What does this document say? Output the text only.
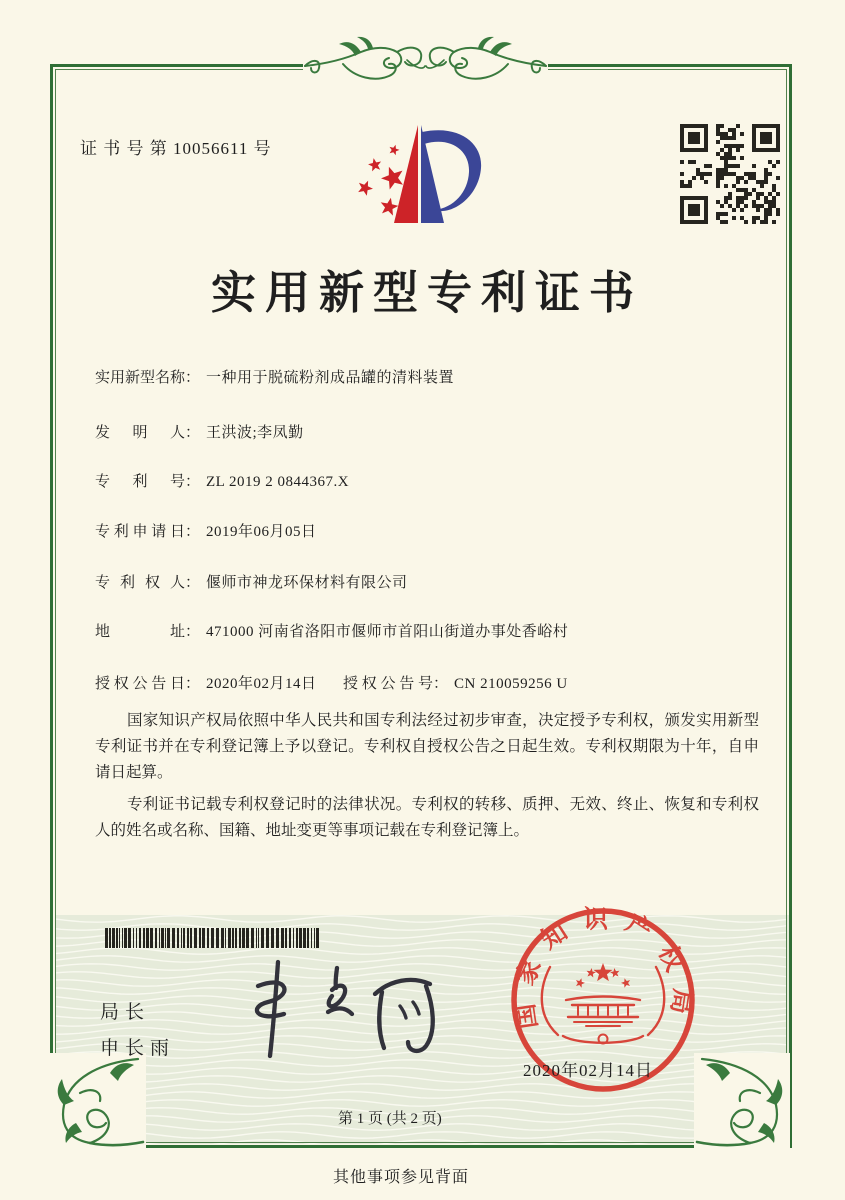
证 书 号 第 10056611 号
实用新型专利证书
实用新型名称： 一种用于脱硫粉剂成品罐的清料装置
发明人： 王洪波;李凤勤
专利号： ZL 2019 2 0844367.X
专利申请日： 2019年06月05日
专利权人： 偃师市神龙环保材料有限公司
地址： 471000 河南省洛阳市偃师市首阳山街道办事处香峪村
授权公告日： 2020年02月14日 授权公告号： CN 210059256 U

国家知识产权局依照中华人民共和国专利法经过初步审查，决定授予专利权，颁发实用新型专利证书并在专利登记簿上予以登记。专利权自授权公告之日起生效。专利权期限为十年，自申请日起算。

专利证书记载专利权登记时的法律状况。专利权的转移、质押、无效、终止、恢复和专利权人的姓名或名称、国籍、地址变更等事项记载在专利登记簿上。

局长
申长雨
国家知识产权局
2020年02月14日
第 1 页 (共 2 页)
其他事项参见背面
